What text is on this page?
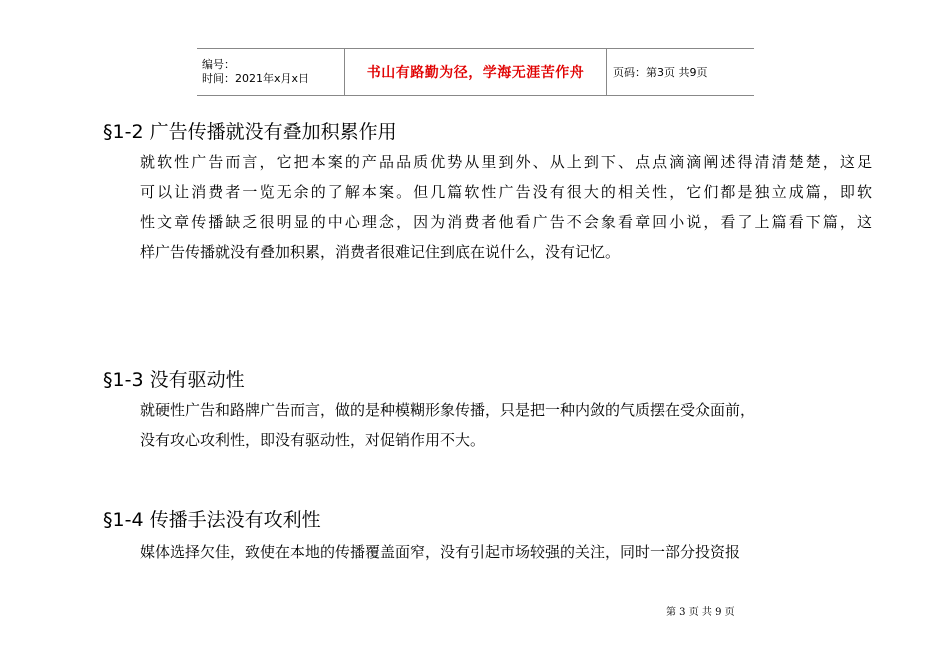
编号：
时间：2021年x月x日	书山有路勤为径，学海无涯苦作舟	页码：第3页 共9页
§1-2 广告传播就没有叠加积累作用

就软性广告而言，它把本案的产品品质优势从里到外、从上到下、点点滴滴阐述得清清楚楚，这足

可以让消费者一览无余的了解本案。但几篇软性广告没有很大的相关性，它们都是独立成篇，即软

性文章传播缺乏很明显的中心理念，因为消费者他看广告不会象看章回小说，看了上篇看下篇，这

样广告传播就没有叠加积累，消费者很难记住到底在说什么，没有记忆。

§1-3 没有驱动性

就硬性广告和路牌广告而言，做的是种模糊形象传播，只是把一种内敛的气质摆在受众面前，

没有攻心攻利性，即没有驱动性，对促销作用不大。

§1-4 传播手法没有攻利性

媒体选择欠佳，致使在本地的传播覆盖面窄，没有引起市场较强的关注，同时一部分投资报

第 3 页 共 9 页
